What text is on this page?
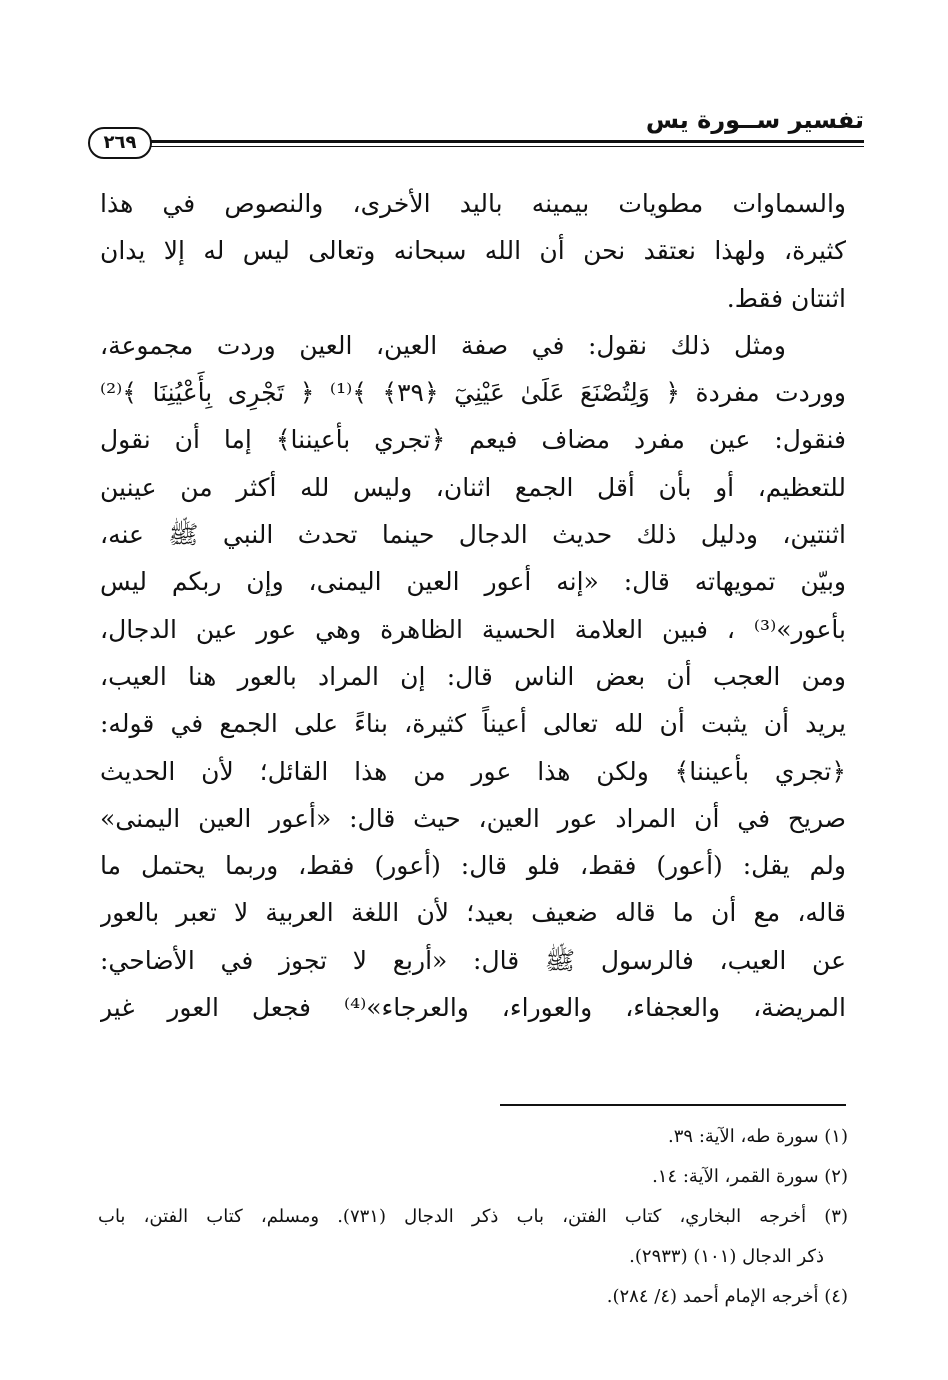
تفسير ســورة يس
٢٦٩
والسماوات مطويات بيمينه باليد الأخرى، والنصوص في هذا
كثيرة، ولهذا نعتقد نحن أن الله سبحانه وتعالى ليس له إلا يدان
اثنتان فقط.
ومثل ذلك نقول: في صفة العين، العين وردت مجموعة،
ووردت مفردة ﴿ وَلِتُصْنَعَ عَلَىٰ عَيْنِيٓ ﴿٣٩﴾ ﴾⁽¹⁾ ﴿ تَجْرِى بِأَعْيُنِنَا ﴾⁽²⁾
فنقول: عين مفرد مضاف فيعم ﴿تجري بأعيننا﴾ إما أن نقول
للتعظيم، أو بأن أقل الجمع اثنان، وليس لله أكثر من عينين
اثنتين، ودليل ذلك حديث الدجال حينما تحدث النبي ﷺ عنه،
وبيّن تمويهاته قال: «إنه أعور العين اليمنى، وإن ربكم ليس
بأعور»⁽³⁾ ، فبين العلامة الحسية الظاهرة وهي عور عين الدجال،
ومن العجب أن بعض الناس قال: إن المراد بالعور هنا العيب،
يريد أن يثبت أن لله تعالى أعيناً كثيرة، بناءً على الجمع في قوله:
﴿تجري بأعيننا﴾ ولكن هذا عور من هذا القائل؛ لأن الحديث
صريح في أن المراد عور العين، حيث قال: «أعور العين اليمنى»
ولم يقل: (أعور) فقط، فلو قال: (أعور) فقط، وربما يحتمل ما
قاله، مع أن ما قاله ضعيف بعيد؛ لأن اللغة العربية لا تعبر بالعور
عن العيب، فالرسول ﷺ قال: «أربع لا تجوز في الأضاحي:
المريضة، والعجفاء، والعوراء، والعرجاء»⁽⁴⁾ فجعل العور غير
(١) سورة طه، الآية: ٣٩.
(٢) سورة القمر، الآية: ١٤.
(٣) أخرجه البخاري، كتاب الفتن، باب ذكر الدجال (٧٣١). ومسلم، كتاب الفتن، باب
ذكر الدجال (١٠١) (٢٩٣٣).
(٤) أخرجه الإمام أحمد (٤/ ٢٨٤).
